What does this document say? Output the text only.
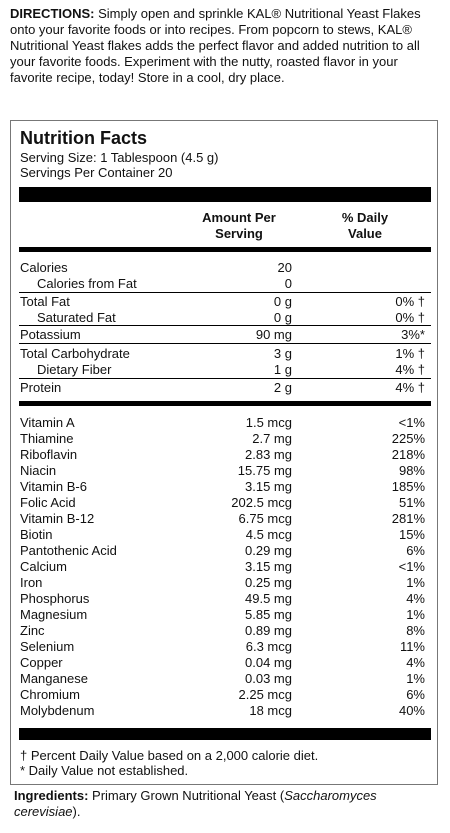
DIRECTIONS: Simply open and sprinkle KAL® Nutritional Yeast Flakes onto your favorite foods or into recipes. From popcorn to stews, KAL® Nutritional Yeast flakes adds the perfect flavor and added nutrition to all your favorite foods. Experiment with the nutty, roasted flavor in your favorite recipe, today! Store in a cool, dry place.
Nutrition Facts
Serving Size: 1 Tablespoon (4.5 g)
Servings Per Container 20
Amount Per
Serving
% Daily
Value
Calories	20
Calories from Fat	0
Total Fat	0 g	0% †
Saturated Fat	0 g	0% †
Potassium	90 mg	3%*
Total Carbohydrate	3 g	1% †
Dietary Fiber	1 g	4% †
Protein	2 g	4% †
Vitamin A	1.5 mcg	<1%
Thiamine	2.7 mg	225%
Riboflavin	2.83 mg	218%
Niacin	15.75 mg	98%
Vitamin B-6	3.15 mg	185%
Folic Acid	202.5 mcg	51%
Vitamin B-12	6.75 mcg	281%
Biotin	4.5 mcg	15%
Pantothenic Acid	0.29 mg	6%
Calcium	3.15 mg	<1%
Iron	0.25 mg	1%
Phosphorus	49.5 mg	4%
Magnesium	5.85 mg	1%
Zinc	0.89 mg	8%
Selenium	6.3 mcg	11%
Copper	0.04 mg	4%
Manganese	0.03 mg	1%
Chromium	2.25 mcg	6%
Molybdenum	18 mcg	40%
† Percent Daily Value based on a 2,000 calorie diet.
* Daily Value not established.
Ingredients: Primary Grown Nutritional Yeast (Saccharomyces cerevisiae).
